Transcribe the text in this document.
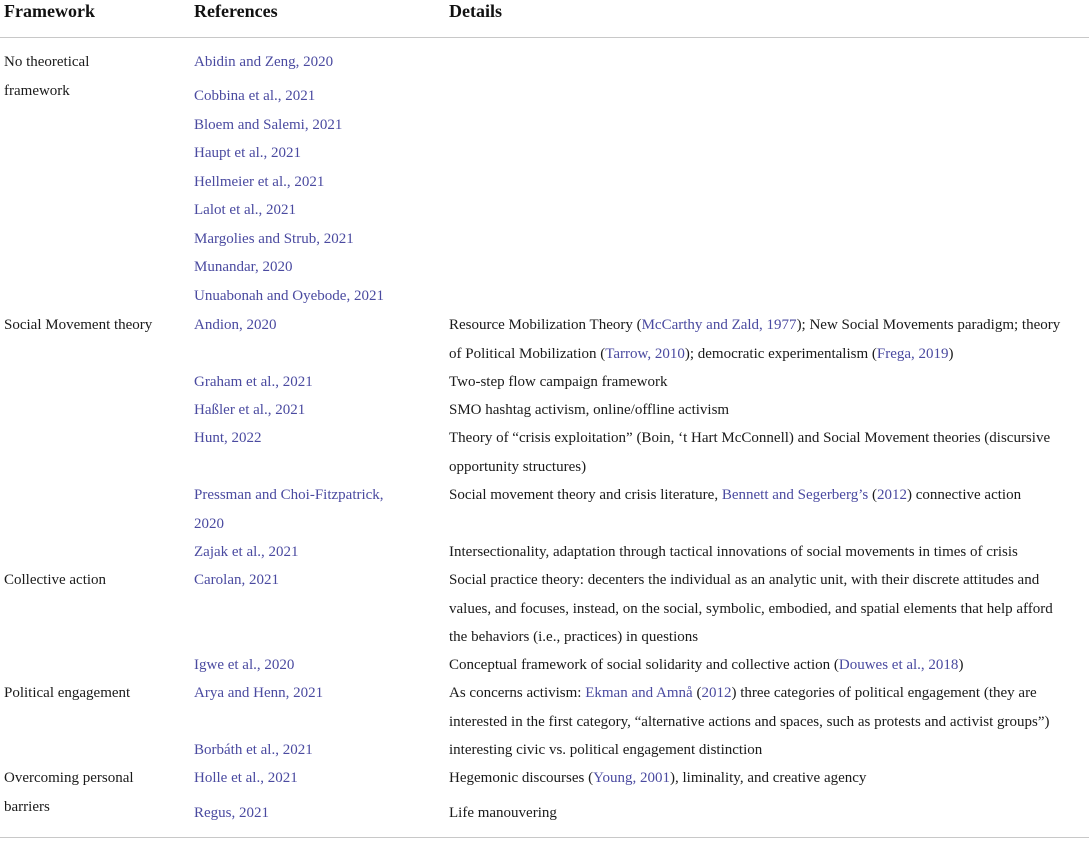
Framework	References	Details
No theoretical
framework
Social Movement theory
Collective action
Political engagement
Overcoming personal
barriers
Abidin and Zeng, 2020
Cobbina et al., 2021
Bloem and Salemi, 2021
Haupt et al., 2021
Hellmeier et al., 2021
Lalot et al., 2021
Margolies and Strub, 2021
Munandar, 2020
Unuabonah and Oyebode, 2021
Andion, 2020
Graham et al., 2021
Haßler et al., 2021
Hunt, 2022
Pressman and Choi-Fitzpatrick,
2020
Zajak et al., 2021
Carolan, 2021
Igwe et al., 2020
Arya and Henn, 2021
Borbáth et al., 2021
Holle et al., 2021
Regus, 2021
Resource Mobilization Theory (McCarthy and Zald, 1977); New Social Movements paradigm; theory
of Political Mobilization (Tarrow, 2010); democratic experimentalism (Frega, 2019)
Two-step flow campaign framework
SMO hashtag activism, online/offline activism
Theory of “crisis exploitation” (Boin, ‘t Hart McConnell) and Social Movement theories (discursive
opportunity structures)
Social movement theory and crisis literature, Bennett and Segerberg’s (2012) connective action
Intersectionality, adaptation through tactical innovations of social movements in times of crisis
Social practice theory: decenters the individual as an analytic unit, with their discrete attitudes and
values, and focuses, instead, on the social, symbolic, embodied, and spatial elements that help afford
the behaviors (i.e., practices) in questions
Conceptual framework of social solidarity and collective action (Douwes et al., 2018)
As concerns activism: Ekman and Amnå (2012) three categories of political engagement (they are
interested in the first category, “alternative actions and spaces, such as protests and activist groups”)
interesting civic vs. political engagement distinction
Hegemonic discourses (Young, 2001), liminality, and creative agency
Life manouvering
